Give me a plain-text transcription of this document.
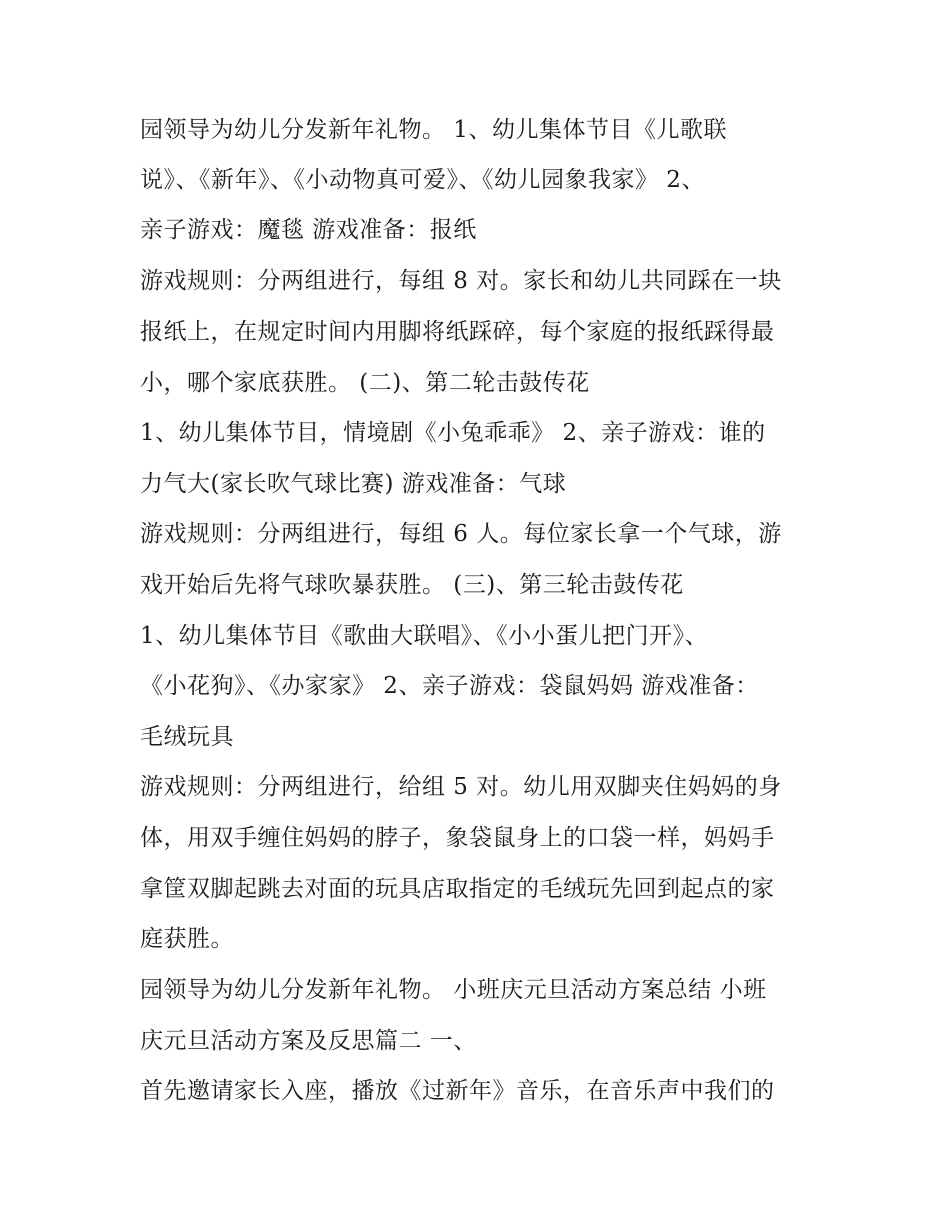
园领导为幼儿分发新年礼物。 1、幼儿集体节目《儿歌联
说》、《新年》、《小动物真可爱》、《幼儿园象我家》 2、
亲子游戏：魔毯 游戏准备：报纸
游戏规则：分两组进行，每组 8 对。家长和幼儿共同踩在一块
报纸上，在规定时间内用脚将纸踩碎，每个家庭的报纸踩得最
小，哪个家底获胜。 (二)、第二轮击鼓传花
1、幼儿集体节目，情境剧《小兔乖乖》 2、亲子游戏：谁的
力气大(家长吹气球比赛) 游戏准备：气球
游戏规则：分两组进行，每组 6 人。每位家长拿一个气球，游
戏开始后先将气球吹暴获胜。 (三)、第三轮击鼓传花
1、幼儿集体节目《歌曲大联唱》、《小小蛋儿把门开》、
《小花狗》、《办家家》 2、亲子游戏：袋鼠妈妈 游戏准备：
毛绒玩具
游戏规则：分两组进行，给组 5 对。幼儿用双脚夹住妈妈的身
体，用双手缠住妈妈的脖子，象袋鼠身上的口袋一样，妈妈手
拿筐双脚起跳去对面的玩具店取指定的毛绒玩先回到起点的家
庭获胜。
园领导为幼儿分发新年礼物。 小班庆元旦活动方案总结 小班
庆元旦活动方案及反思篇二 一、
首先邀请家长入座，播放《过新年》音乐，在音乐声中我们的
